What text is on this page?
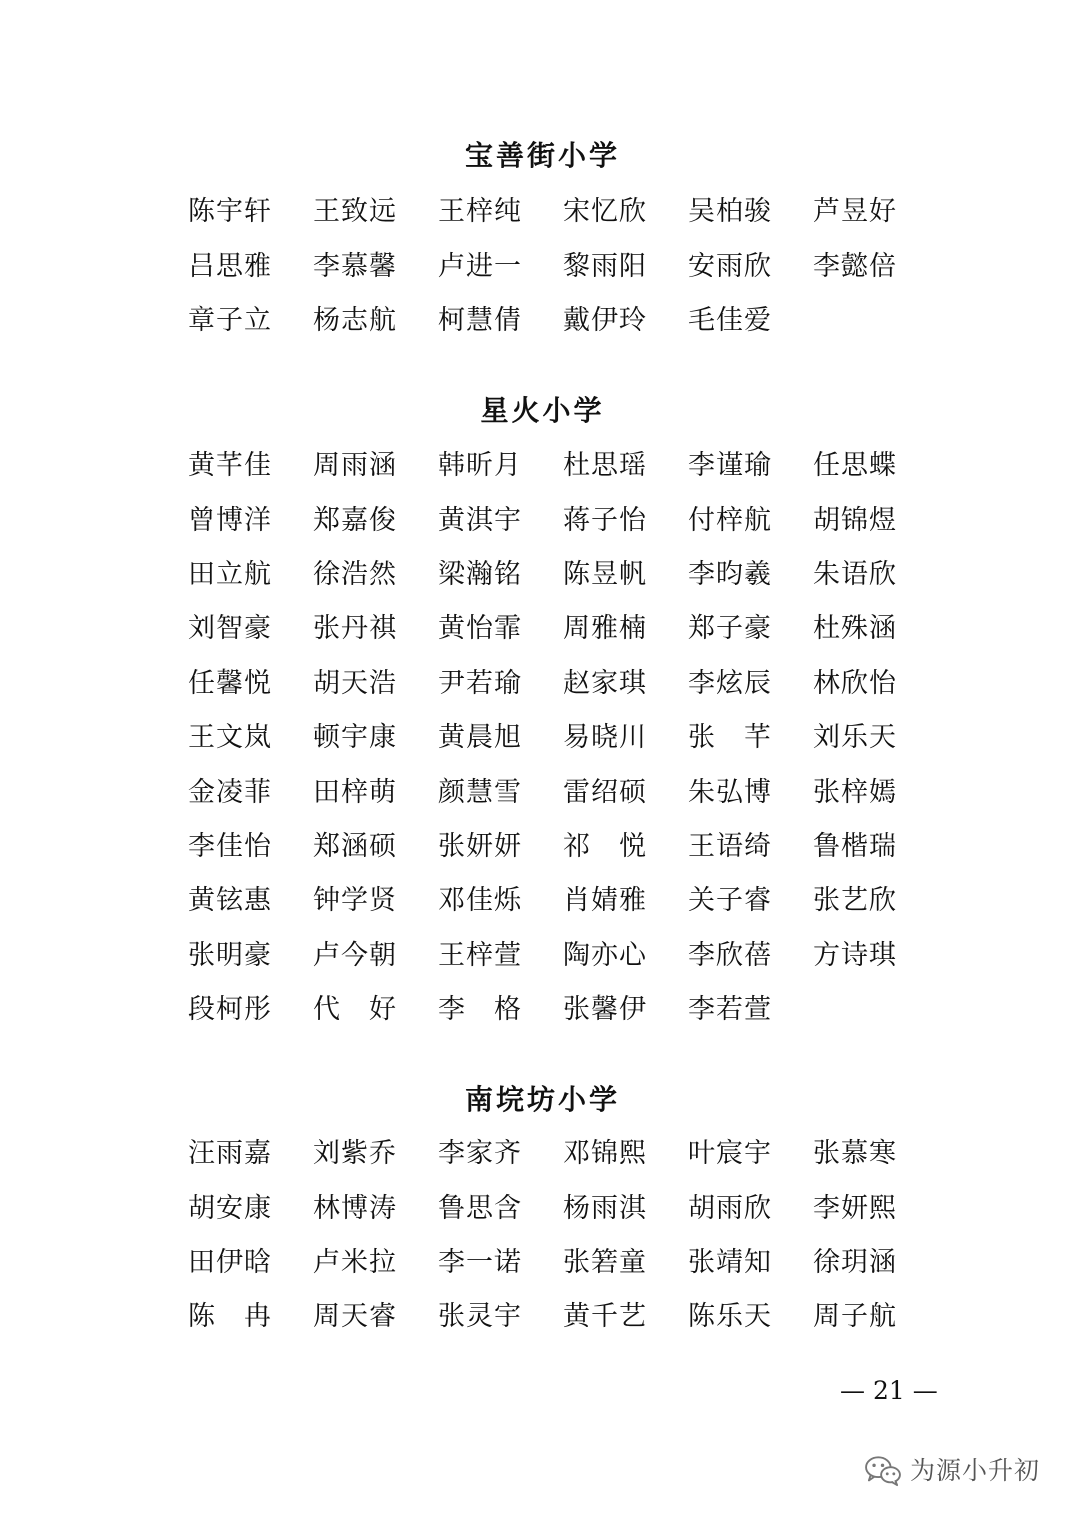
宝善街小学
陈宇轩	王致远	王梓纯	宋忆欣	吴柏骏	芦昱好
吕思雅	李慕馨	卢进一	黎雨阳	安雨欣	李懿倍
章子立	杨志航	柯慧倩	戴伊玲	毛佳爱
星火小学
黄芊佳	周雨涵	韩昕月	杜思瑶	李谨瑜	任思蝶
曾博洋	郑嘉俊	黄淇宇	蒋子怡	付梓航	胡锦煜
田立航	徐浩然	梁瀚铭	陈昱帆	李昀羲	朱语欣
刘智豪	张丹祺	黄怡霏	周雅楠	郑子豪	杜殊涵
任馨悦	胡天浩	尹若瑜	赵家琪	李炫辰	林欣怡
王文岚	顿宇康	黄晨旭	易晓川	张　芊	刘乐天
金凌菲	田梓萌	颜慧雪	雷绍硕	朱弘博	张梓嫣
李佳怡	郑涵硕	张妍妍	祁　悦	王语绮	鲁楷瑞
黄铉惠	钟学贤	邓佳烁	肖婧雅	关子睿	张艺欣
张明豪	卢今朝	王梓萱	陶亦心	李欣蓓	方诗琪
段柯彤	代　好	李　格	张馨伊	李若萱
南垸坊小学
汪雨嘉	刘紫乔	李家齐	邓锦熙	叶宸宇	张慕寒
胡安康	林博涛	鲁思含	杨雨淇	胡雨欣	李妍熙
田伊晗	卢米拉	李一诺	张箬童	张靖知	徐玥涵
陈　冉	周天睿	张灵宇	黄千艺	陈乐天	周子航
— 21 —
为源小升初
